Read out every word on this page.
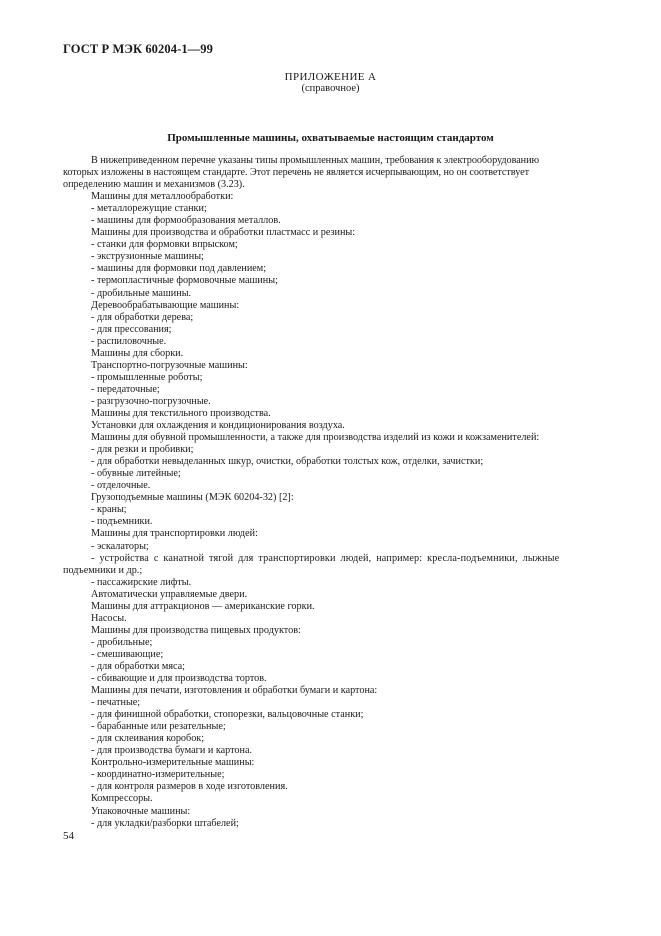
ГОСТ Р МЭК 60204-1—99
ПРИЛОЖЕНИЕ А
(справочное)
Промышленные машины, охватываемые настоящим стандартом
В нижеприведенном перечне указаны типы промышленных машин, требования к электрооборудованию
которых изложены в настоящем стандарте. Этот перечень не является исчерпывающим, но он соответствует
определению машин и механизмов (3.23).
Машины для металлообработки:
- металлорежущие станки;
- машины для формообразования металлов.
Машины для производства и обработки пластмасс и резины:
- станки для формовки впрыском;
- экструзионные машины;
- машины для формовки под давлением;
- термопластичные формовочные машины;
- дробильные машины.
Деревообрабатывающие машины:
- для обработки дерева;
- для прессования;
- распиловочные.
Машины для сборки.
Транспортно-погрузочные машины:
- промышленные роботы;
- передаточные;
- разгрузочно-погрузочные.
Машины для текстильного производства.
Установки для охлаждения и кондиционирования воздуха.
Машины для обувной промышленности, а также для производства изделий из кожи и кожзаменителей:
- для резки и пробивки;
- для обработки невыделанных шкур, очистки, обработки толстых кож, отделки, зачистки;
- обувные литейные;
- отделочные.
Грузоподъемные машины (МЭК 60204-32) [2]:
- краны;
- подъемники.
Машины для транспортировки людей:
- эскалаторы;
- устройства с канатной тягой для транспортировки людей, например: кресла-подъемники, лыжные
подъемники и др.;
- пассажирские лифты.
Автоматически управляемые двери.
Машины для аттракционов — американские горки.
Насосы.
Машины для производства пищевых продуктов:
- дробильные;
- смешивающие;
- для обработки мяса;
- сбивающие и для производства тортов.
Машины для печати, изготовления и обработки бумаги и картона:
- печатные;
- для финишной обработки, стопорезки, вальцовочные станки;
- барабанные или резательные;
- для склеивания коробок;
- для производства бумаги и картона.
Контрольно-измерительные машины:
- координатно-измерительные;
- для контроля размеров в ходе изготовления.
Компрессоры.
Упаковочные машины:
- для укладки/разборки штабелей;
54
